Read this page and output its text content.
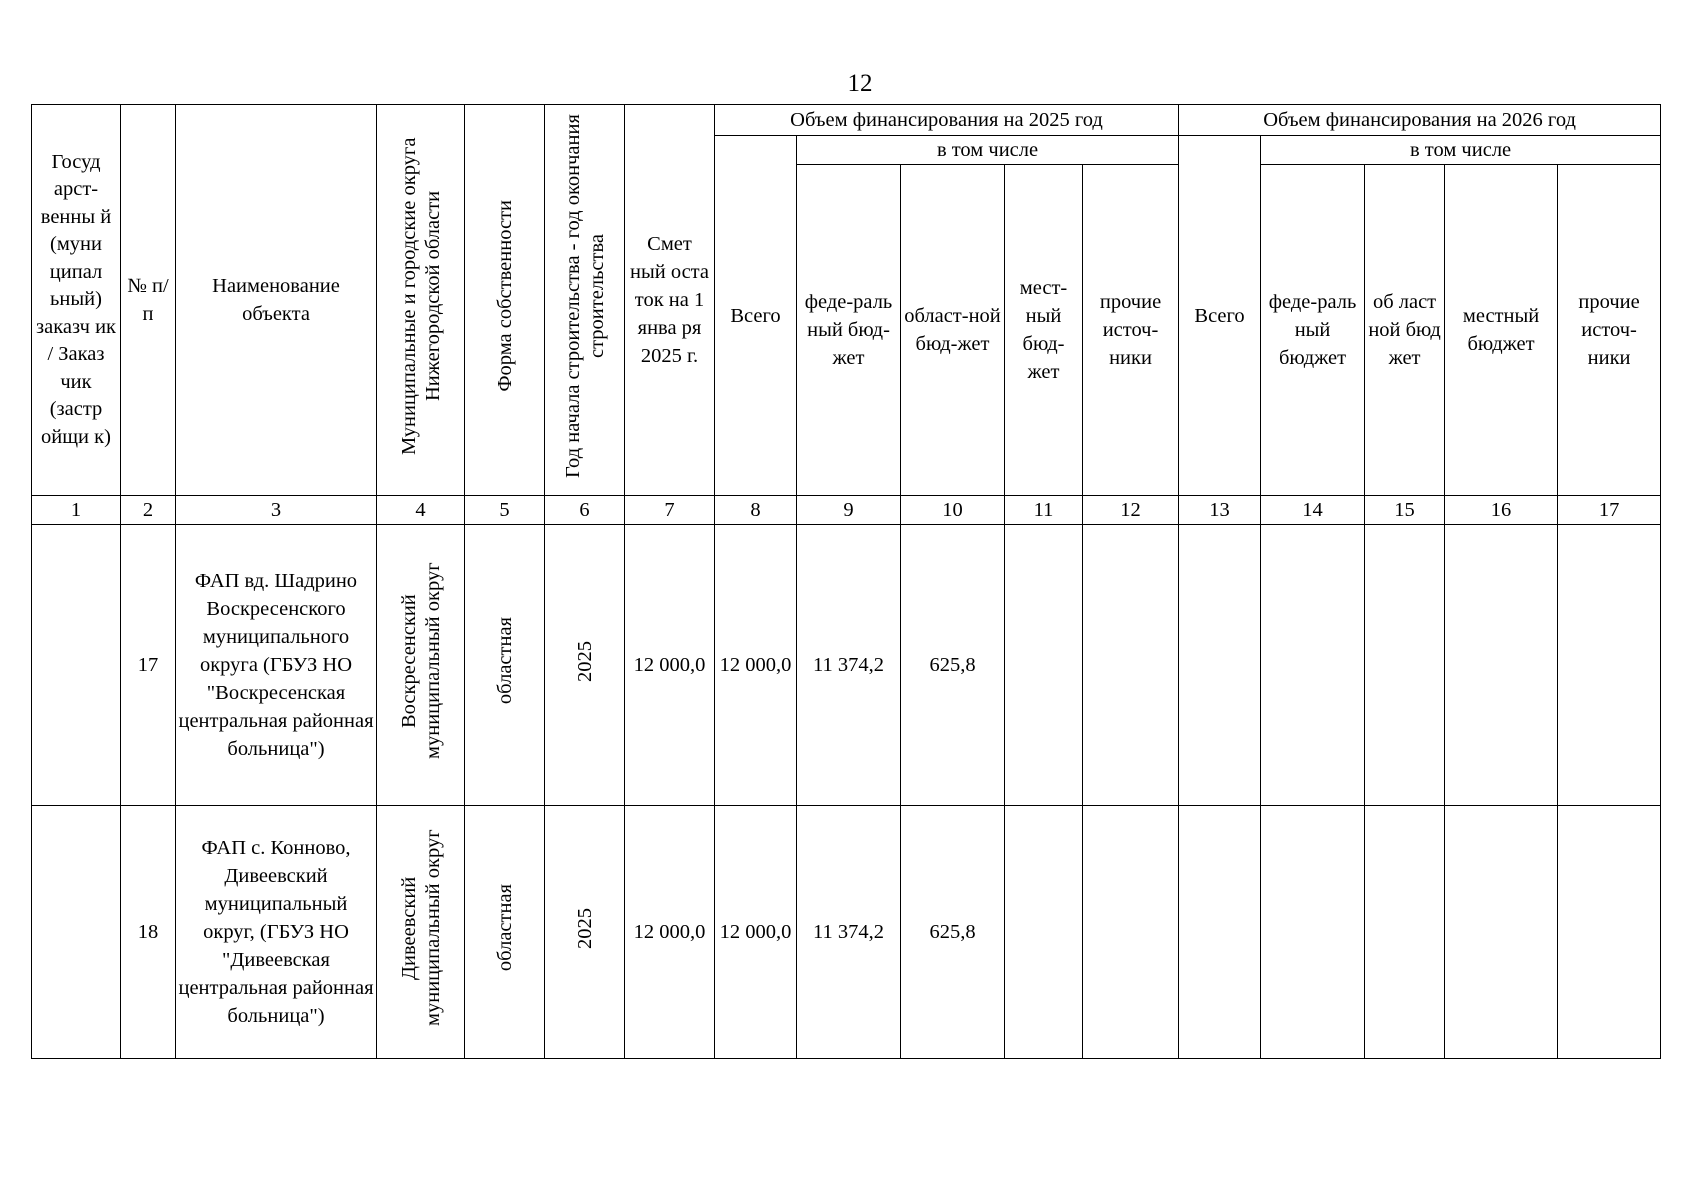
12
Госуд арст-венны й (муни ципал ьный) заказч ик / Заказ чик (застр ойщи к)	№ п/п	Наименование объекта	Муниципальные и городские округа Нижегородской области	Форма собственности	Год начала строительства - год окончания строительства	Смет ный оста ток на 1 янва ря 2025 г.	Объем финансирования на 2025 год					Объем финансирования на 2026 год				
							Всего	в том числе				Всего	в том числе			
								феде-раль ный бюд-жет	област-ной бюд-жет	мест-ный бюд-жет	прочие источ-ники		феде-раль ный бюджет	об ласт ной бюд жет	местный бюджет	прочие источ-ники
1	2	3	4	5	6	7	8	9	10	11	12	13	14	15	16	17
	17	ФАП вд. Шадрино Воскресенского муниципального округа (ГБУЗ НО "Воскресенская центральная районная больница")	Воскресенский муниципальный округ	областная	2025	12 000,0	12 000,0	11 374,2	625,8							
	18	ФАП с. Конново, Дивеевский муниципальный округ, (ГБУЗ НО "Дивеевская центральная районная больница")	Дивеевский муниципальный округ	областная	2025	12 000,0	12 000,0	11 374,2	625,8							
